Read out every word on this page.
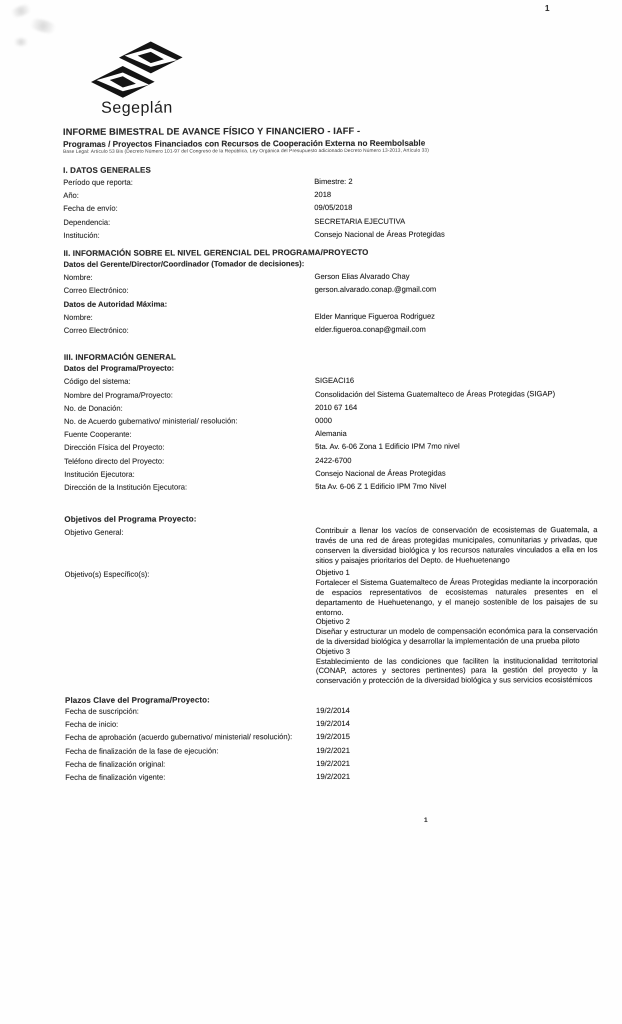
1
1
Segeplán
INFORME BIMESTRAL DE AVANCE FÍSICO Y FINANCIERO - IAFF -
Programas / Proyectos Financiados con Recursos de Cooperación Externa no Reembolsable
Base Legal: Artículo 53 Bis (Decreto Número 101-97 del Congreso de la República, Ley Orgánica del Presupuesto adicionado Decreto Número 13-2013, Artículo 33)
I. DATOS GENERALES
Período que reporta:	Bimestre: 2
Año:	2018
Fecha de envío:	09/05/2018
Dependencia:	SECRETARIA EJECUTIVA
Institución:	Consejo Nacional de Áreas Protegidas
II. INFORMACIÓN SOBRE EL NIVEL GERENCIAL DEL PROGRAMA/PROYECTO
Datos del Gerente/Director/Coordinador (Tomador de decisiones):
Nombre:	Gerson Elias Alvarado Chay
Correo Electrónico:	gerson.alvarado.conap.@gmail.com
Datos de Autoridad Máxima:
Nombre:	Elder Manrique Figueroa Rodriguez
Correo Electrónico:	elder.figueroa.conap@gmail.com
III. INFORMACIÓN GENERAL
Datos del Programa/Proyecto:
Código del sistema:	SIGEACI16
Nombre del Programa/Proyecto:	Consolidación del Sistema Guatemalteco de Áreas Protegidas (SIGAP)
No. de Donación:	2010 67 164
No. de Acuerdo gubernativo/ ministerial/ resolución:	0000
Fuente Cooperante:	Alemania
Dirección Física del Proyecto:	5ta. Av. 6-06 Zona 1 Edificio IPM 7mo nivel
Teléfono directo del Proyecto:	2422-6700
Institución Ejecutora:	Consejo Nacional de Áreas Protegidas
Dirección de la Institución Ejecutora:	5ta Av. 6-06 Z 1 Edificio IPM 7mo Nivel
Objetivos del Programa Proyecto:
Objetivo General:	Contribuir a llenar los vacíos de conservación de ecosistemas de Guatemala, a través de una red de áreas protegidas municipales, comunitarias y privadas, que conserven la diversidad biológica y los recursos naturales vinculados a ella en los sitios y paisajes prioritarios del Depto. de Huehuetenango
Objetivo(s) Específico(s):	Objetivo 1
Fortalecer el Sistema Guatemalteco de Áreas Protegidas mediante la incorporación de espacios representativos de ecosistemas naturales presentes en el departamento de Huehuetenango, y el manejo sostenible de los paisajes de su entorno.
Objetivo 2
Diseñar y estructurar un modelo de compensación económica para la conservación de la diversidad biológica y desarrollar la implementación de una prueba piloto
Objetivo 3
Establecimiento de las condiciones que faciliten la institucionalidad territotorial (CONAP, actores y sectores pertinentes) para la gestión del proyecto y la conservación y protección de la diversidad biológica y sus servicios ecosistémicos
Plazos Clave del Programa/Proyecto:
Fecha de suscripción:	19/2/2014
Fecha de inicio:	19/2/2014
Fecha de aprobación (acuerdo gubernativo/ ministerial/ resolución):	19/2/2015
Fecha de finalización de la fase de ejecución:	19/2/2021
Fecha de finalización original:	19/2/2021
Fecha de finalización vigente:	19/2/2021
